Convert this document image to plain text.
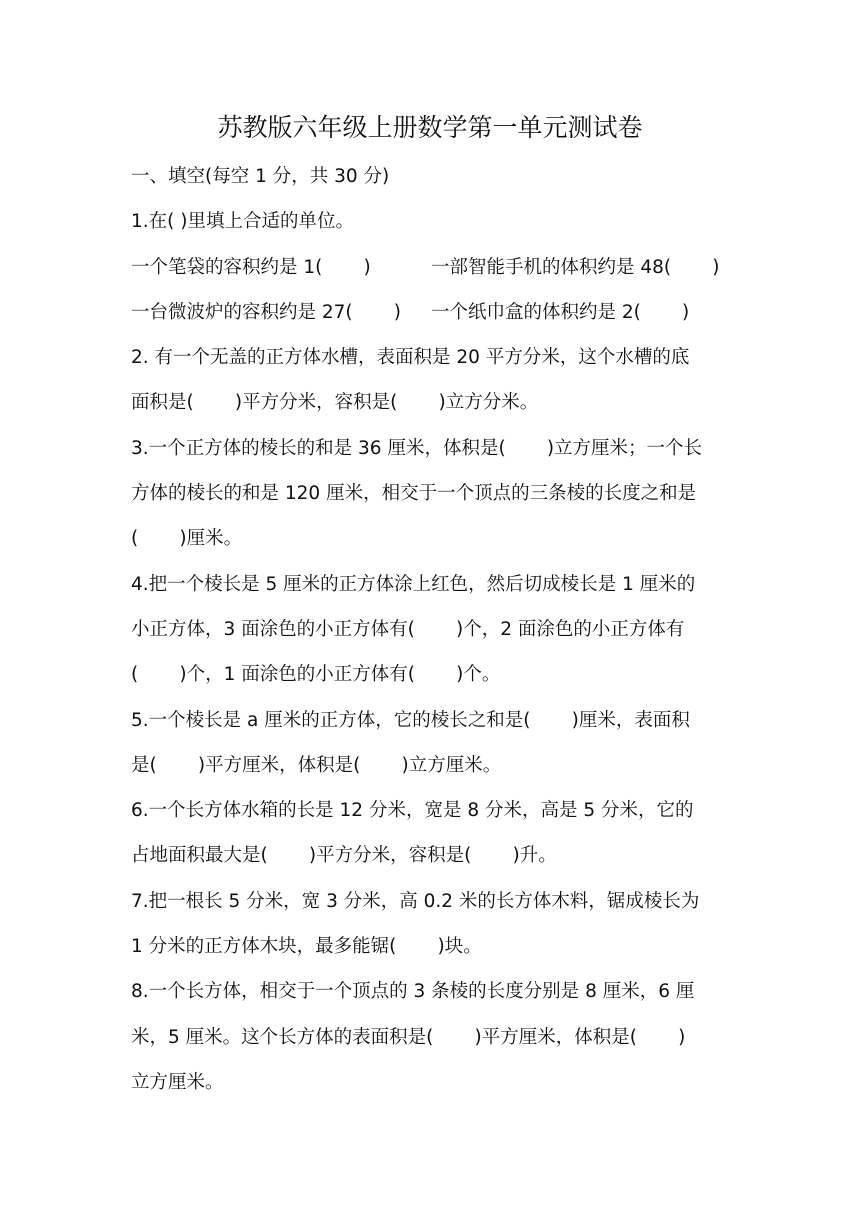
苏教版六年级上册数学第一单元测试卷
一、填空(每空 1 分，共 30 分)
1.在( )里填上合适的单位。
一个笔袋的容积约是 1(       )	一部智能手机的体积约是 48(       )
一台微波炉的容积约是 27(       )	一个纸巾盒的体积约是 2(       )
2. 有一个无盖的正方体水槽，表面积是 20 平方分米，这个水槽的底
面积是(       )平方分米，容积是(       )立方分米。
3.一个正方体的棱长的和是 36 厘米，体积是(       )立方厘米；一个长
方体的棱长的和是 120 厘米，相交于一个顶点的三条棱的长度之和是
(       )厘米。
4.把一个棱长是 5 厘米的正方体涂上红色，然后切成棱长是 1 厘米的
小正方体，3 面涂色的小正方体有(       )个，2 面涂色的小正方体有
(       )个，1 面涂色的小正方体有(       )个。
5.一个棱长是 a 厘米的正方体，它的棱长之和是(       )厘米，表面积
是(       )平方厘米，体积是(       )立方厘米。
6.一个长方体水箱的长是 12 分米，宽是 8 分米，高是 5 分米，它的
占地面积最大是(       )平方分米，容积是(       )升。
7.把一根长 5 分米，宽 3 分米，高 0.2 米的长方体木料，锯成棱长为
1 分米的正方体木块，最多能锯(       )块。
8.一个长方体，相交于一个顶点的 3 条棱的长度分别是 8 厘米，6 厘
米，5 厘米。这个长方体的表面积是(       )平方厘米，体积是(       )
立方厘米。
